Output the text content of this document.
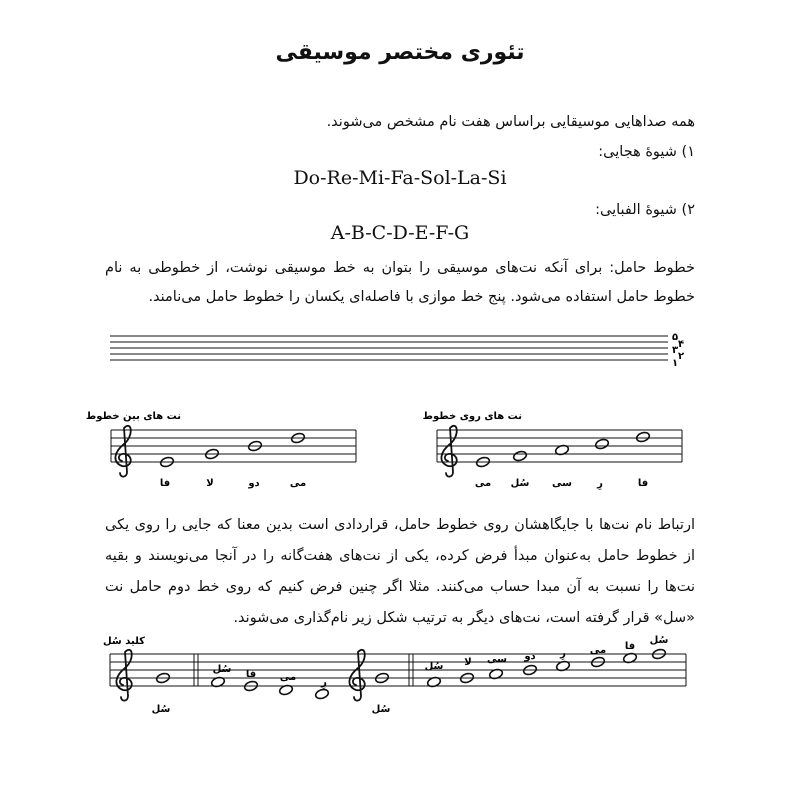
تئوری مختصر موسیقی
همه صداهایی موسیقایی براساس هفت نام مشخص می‌شوند.
۱) شیوهٔ هجایی:
Do-Re-Mi-Fa-Sol-La-Si
۲) شیوهٔ الفبایی:
A-B-C-D-E-F-G
خطوط حامل: برای آنکه نت‌های موسیقی را بتوان به خط موسیقی نوشت، از خطوطی به نام خطوط حامل استفاده می‌شود. پنج خط موازی با فاصله‌ای یکسان را خطوط حامل می‌نامند.
ارتباط نام نت‌ها با جایگاهشان روی خطوط حامل، قراردادی است بدین معنا که جایی را روی یکی از خطوط حامل به‌عنوان مبدأ فرض کرده، یکی از نت‌های هفت‌گانه را در آنجا می‌نویسند و بقیه نت‌ها را نسبت به آن مبدا حساب می‌کنند. مثلا اگر چنین فرض کنیم که روی خط دوم حامل نت «سل» قرار گرفته است، نت‌های دیگر به ترتیب شکل زیر نام‌گذاری می‌شوند.
۵
۴
۳
۲
۱
نت های بین خطوط
فا	لا	دو	می
نت های روی خطوط
می سُل سی	رِ	فا
کلید سُل
سُل
سُل فا می رِ
سُل
سُل لا سی دو رِ می فا
سُل
